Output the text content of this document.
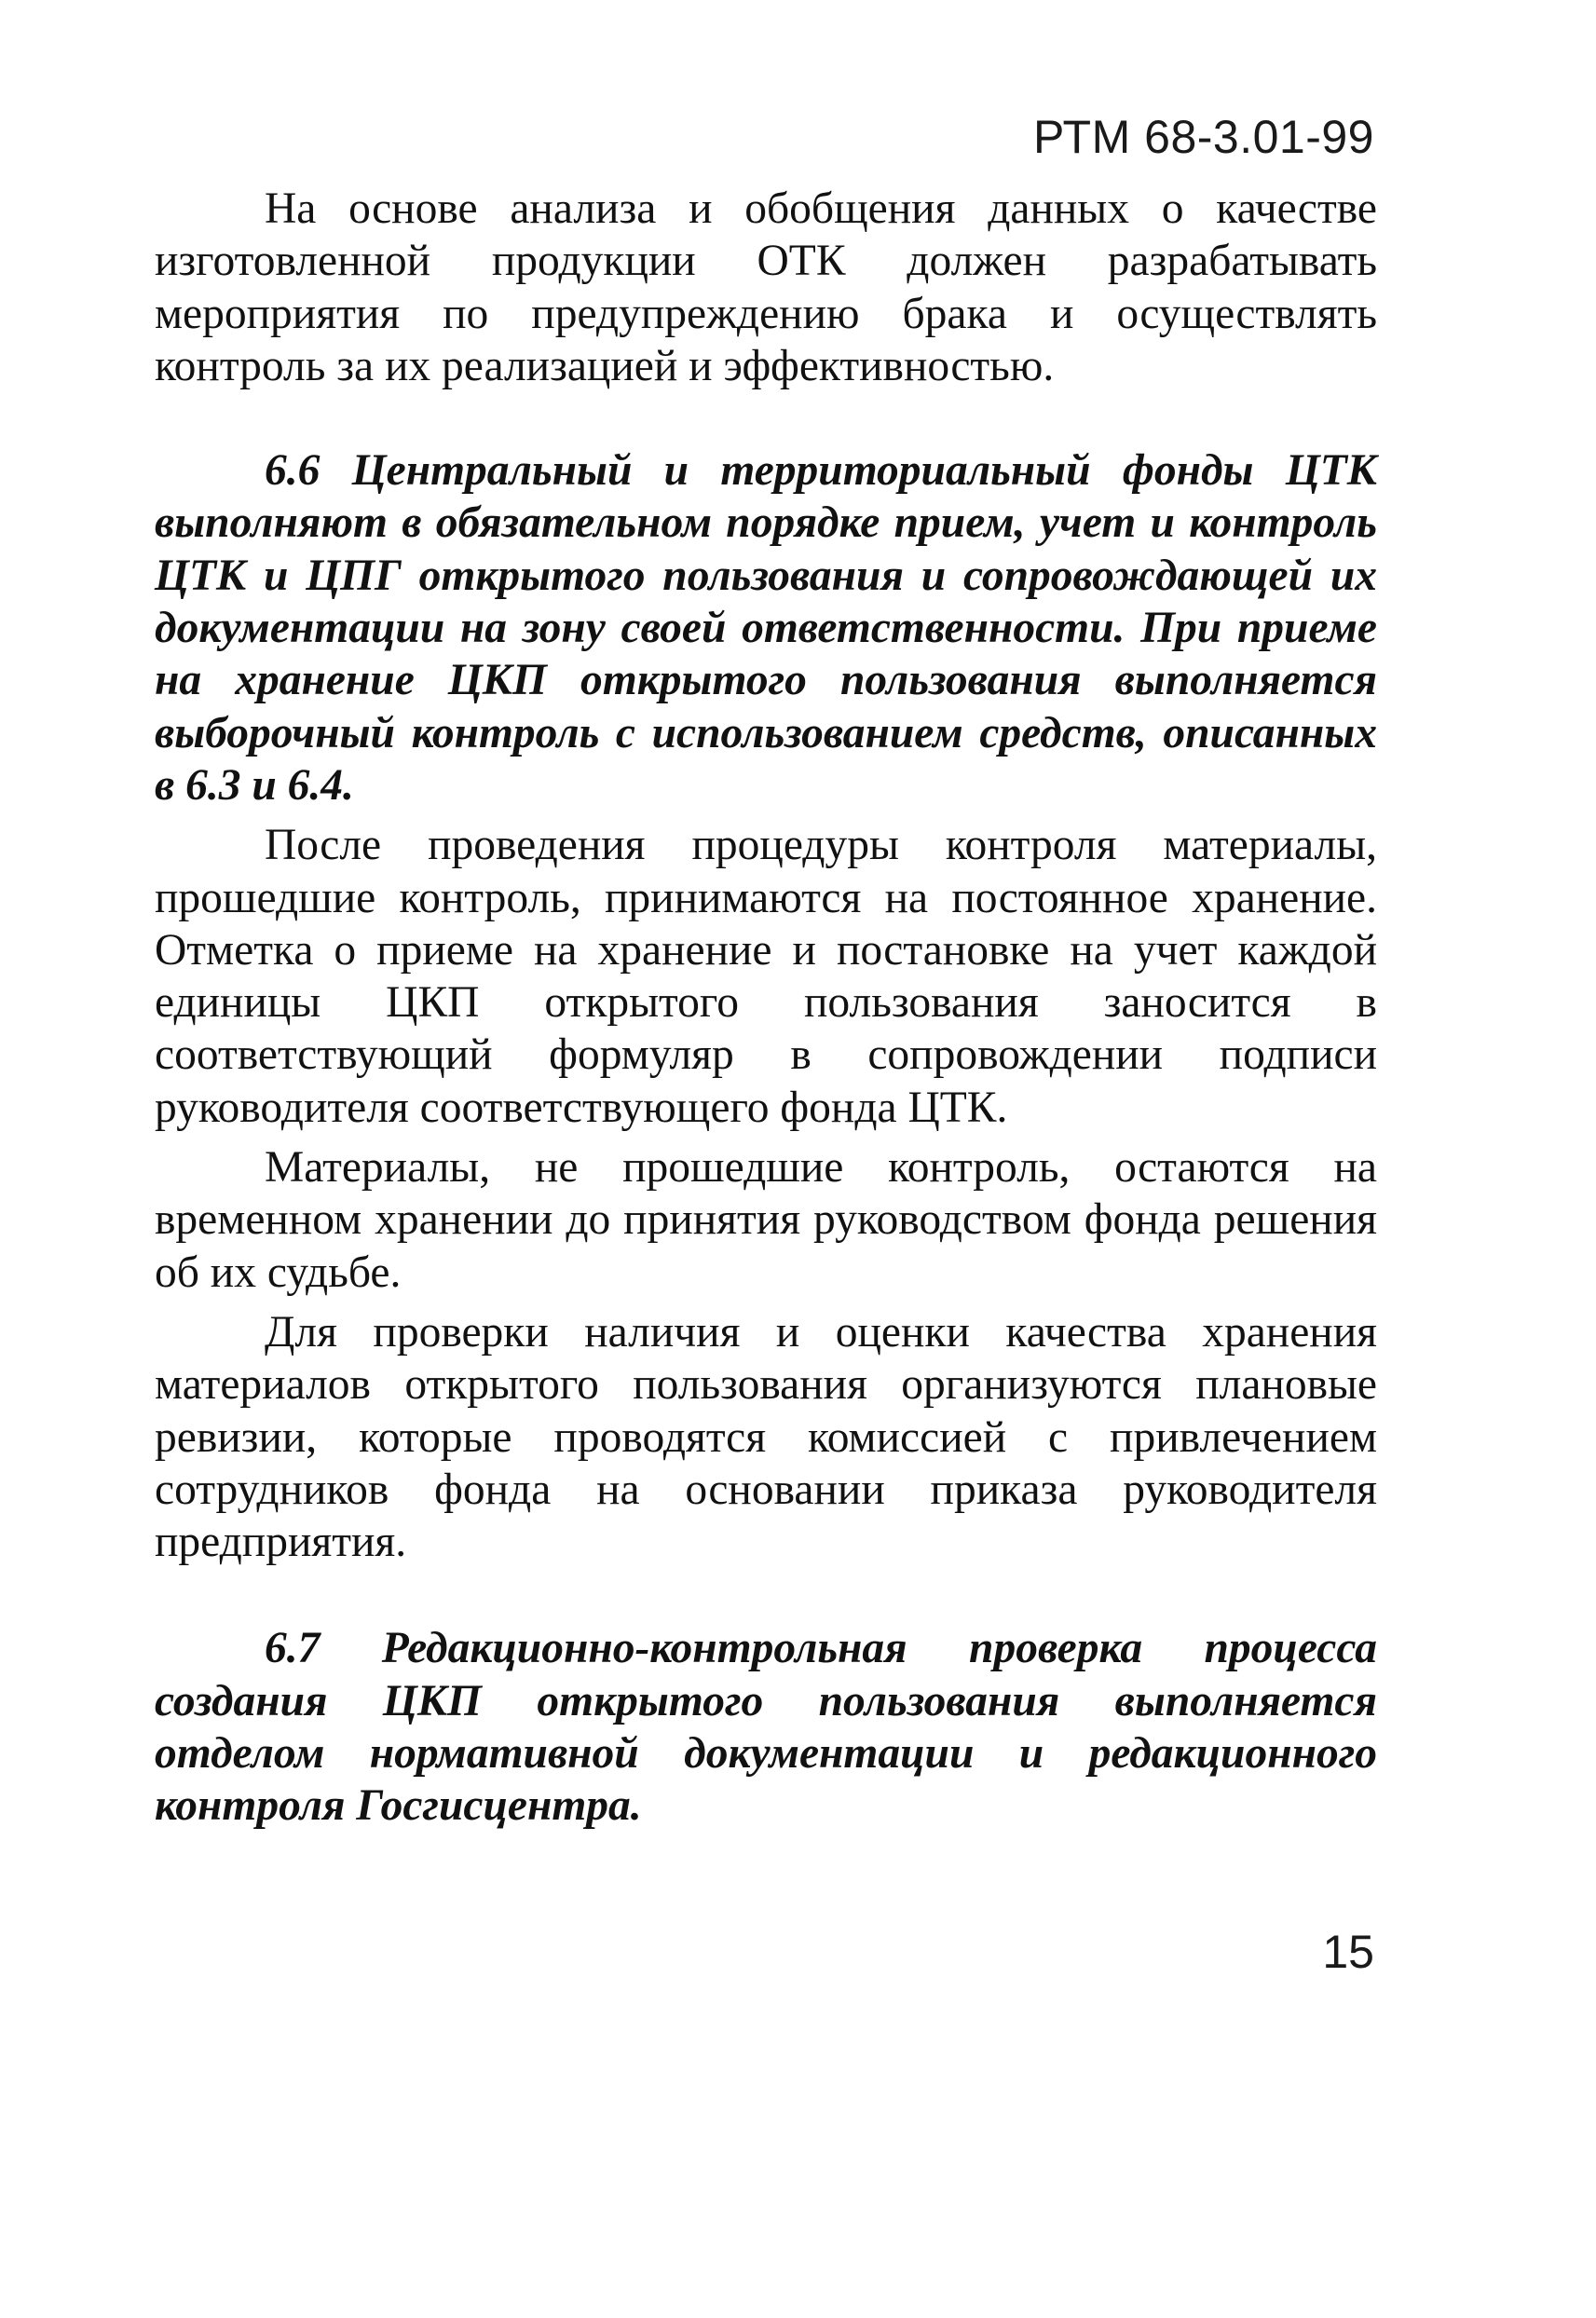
РТМ 68-3.01-99

На основе анализа и обобщения данных о качестве изготовленной продукции ОТК должен разрабатывать мероприятия по предупреждению брака и осуществлять контроль за их реализацией и эффективностью.

6.6 Центральный и территориальный фонды ЦТК выполняют в обязательном порядке прием, учет и контроль ЦТК и ЦПГ открытого пользования и сопровождающей их документации на зону своей ответственности. При приеме на хранение ЦКП открытого пользования выполняется выборочный контроль с использованием средств, описанных в 6.3 и 6.4.

После проведения процедуры контроля материалы, прошедшие контроль, принимаются на постоянное хранение. Отметка о приеме на хранение и постановке на учет каждой единицы ЦКП открытого пользования заносится в соответствующий формуляр в сопровождении подписи руководителя соответствующего фонда ЦТК.

Материалы, не прошедшие контроль, остаются на временном хранении до принятия руководством фонда решения об их судьбе.

Для проверки наличия и оценки качества хранения материалов открытого пользования организуются плановые ревизии, которые проводятся комиссией с привлечением сотрудников фонда на основании приказа руководителя предприятия.

6.7 Редакционно-контрольная проверка процесса создания ЦКП открытого пользования выполняется отделом нормативной документации и редакционного контроля Госгисцентра.

15
